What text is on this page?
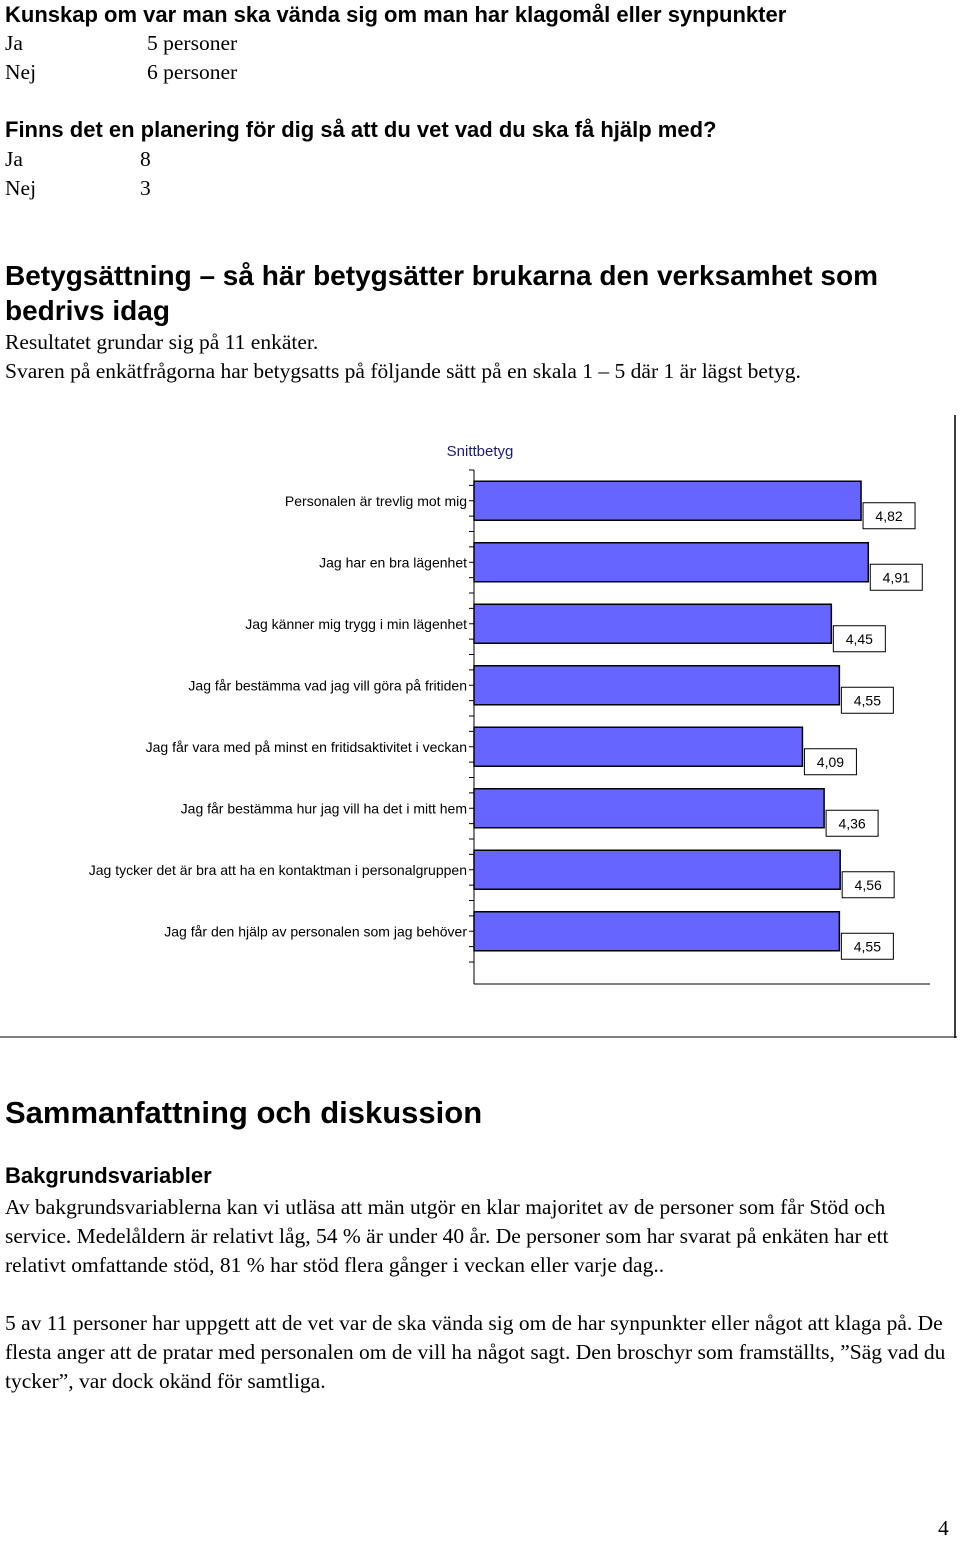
Kunskap om var man ska vända sig om man har klagomål eller synpunkter
Ja	5 personer
Nej	6 personer
Finns det en planering för dig så att du vet vad du ska få hjälp med?
Ja	8
Nej	3
Betygsättning – så här betygsätter brukarna den verksamhet som
bedrivs idag
Resultatet grundar sig på 11 enkäter.
Svaren på enkätfrågorna har betygsatts på följande sätt på en skala 1 – 5 där 1 är lägst betyg.
Snittbetyg
Personalen är trevlig mot mig
Jag har en bra lägenhet
Jag känner mig trygg i min lägenhet
Jag får bestämma vad jag vill göra på fritiden
Jag får vara med på minst en fritidsaktivitet i veckan
Jag får bestämma hur jag vill ha det i mitt hem
Jag tycker det är bra att ha en kontaktman i personalgruppen
Jag får den hjälp av personalen som jag behöver
4,82
4,91
4,45
4,55
4,09
4,36
4,56
4,55
Sammanfattning och diskussion
Bakgrundsvariabler
Av bakgrundsvariablerna kan vi utläsa att män utgör en klar majoritet av de personer som får Stöd och service. Medelåldern är relativt låg, 54 % är under 40 år. De personer som har svarat på enkäten har ett relativt omfattande stöd, 81 % har stöd flera gånger i veckan eller varje dag..
5 av 11 personer har uppgett att de vet var de ska vända sig om de har synpunkter eller något att klaga på. De flesta anger att de pratar med personalen om de vill ha något sagt. Den broschyr som framställts, ”Säg vad du tycker”, var dock okänd för samtliga.
4
